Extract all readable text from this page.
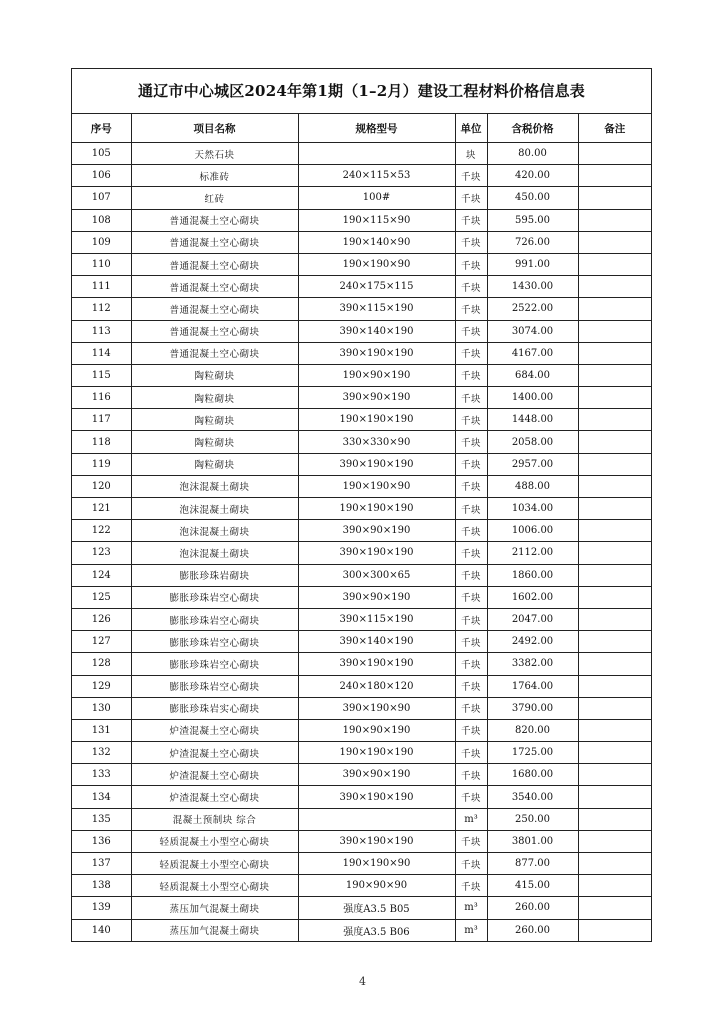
通辽市中心城区2024年第1期（1–2月）建设工程材料价格信息表
序号	项目名称	规格型号	单位	含税价格	备注
105	天然石块		块	80.00	
106	标准砖	240×115×53	千块	420.00	
107	红砖	100#	千块	450.00	
108	普通混凝土空心砌块	190×115×90	千块	595.00	
109	普通混凝土空心砌块	190×140×90	千块	726.00	
110	普通混凝土空心砌块	190×190×90	千块	991.00	
111	普通混凝土空心砌块	240×175×115	千块	1430.00	
112	普通混凝土空心砌块	390×115×190	千块	2522.00	
113	普通混凝土空心砌块	390×140×190	千块	3074.00	
114	普通混凝土空心砌块	390×190×190	千块	4167.00	
115	陶粒砌块	190×90×190	千块	684.00	
116	陶粒砌块	390×90×190	千块	1400.00	
117	陶粒砌块	190×190×190	千块	1448.00	
118	陶粒砌块	330×330×90	千块	2058.00	
119	陶粒砌块	390×190×190	千块	2957.00	
120	泡沫混凝土砌块	190×190×90	千块	488.00	
121	泡沫混凝土砌块	190×190×190	千块	1034.00	
122	泡沫混凝土砌块	390×90×190	千块	1006.00	
123	泡沫混凝土砌块	390×190×190	千块	2112.00	
124	膨胀珍珠岩砌块	300×300×65	千块	1860.00	
125	膨胀珍珠岩空心砌块	390×90×190	千块	1602.00	
126	膨胀珍珠岩空心砌块	390×115×190	千块	2047.00	
127	膨胀珍珠岩空心砌块	390×140×190	千块	2492.00	
128	膨胀珍珠岩空心砌块	390×190×190	千块	3382.00	
129	膨胀珍珠岩空心砌块	240×180×120	千块	1764.00	
130	膨胀珍珠岩实心砌块	390×190×90	千块	3790.00	
131	炉渣混凝土空心砌块	190×90×190	千块	820.00	
132	炉渣混凝土空心砌块	190×190×190	千块	1725.00	
133	炉渣混凝土空心砌块	390×90×190	千块	1680.00	
134	炉渣混凝土空心砌块	390×190×190	千块	3540.00	
135	混凝土预制块 综合		m³	250.00	
136	轻质混凝土小型空心砌块	390×190×190	千块	3801.00	
137	轻质混凝土小型空心砌块	190×190×90	千块	877.00	
138	轻质混凝土小型空心砌块	190×90×90	千块	415.00	
139	蒸压加气混凝土砌块	强度A3.5 B05	m³	260.00	
140	蒸压加气混凝土砌块	强度A3.5 B06	m³	260.00	
4
